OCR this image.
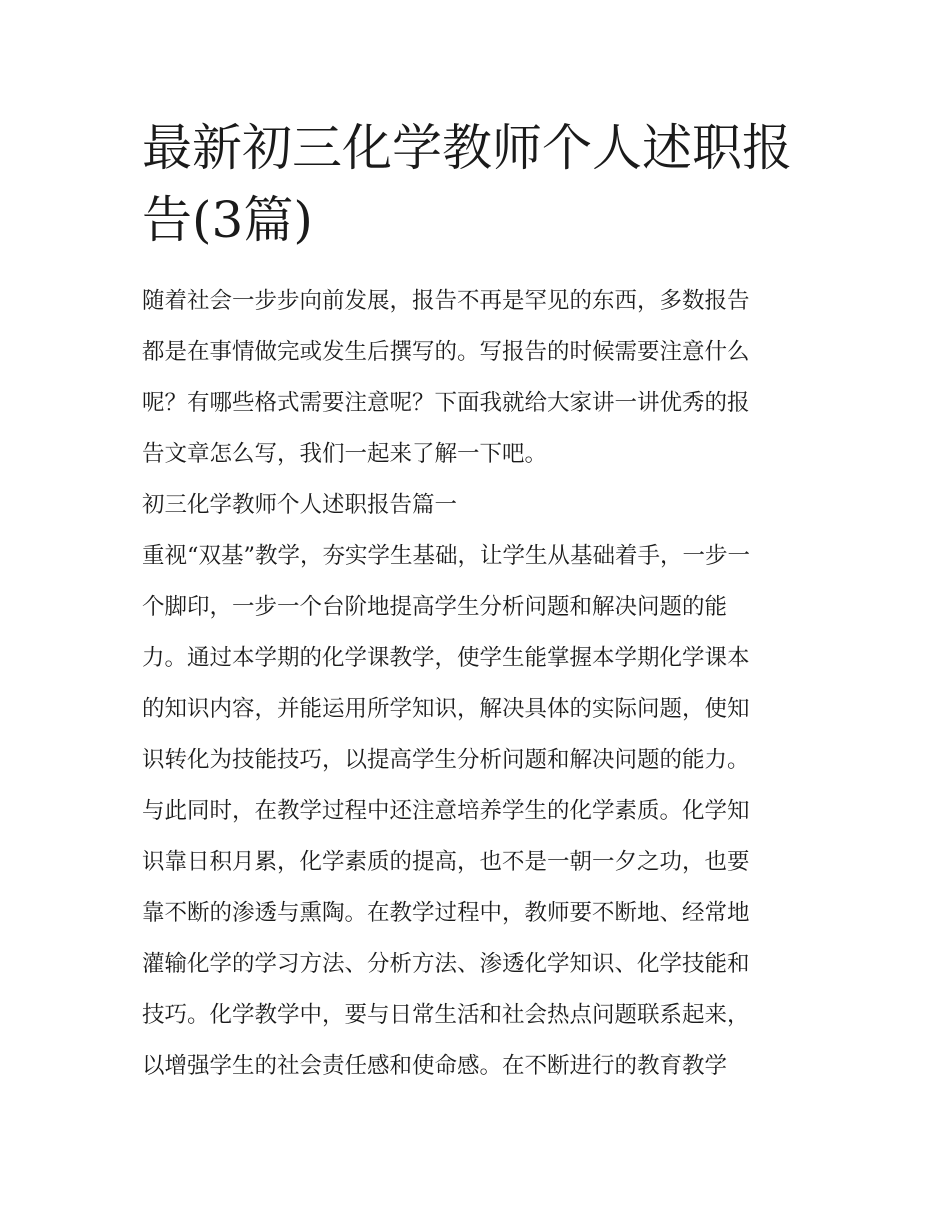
最新初三化学教师个人述职报
告(3篇)
随着社会一步步向前发展，报告不再是罕见的东西，多数报告
都是在事情做完或发生后撰写的。写报告的时候需要注意什么
呢？有哪些格式需要注意呢？下面我就给大家讲一讲优秀的报
告文章怎么写，我们一起来了解一下吧。
初三化学教师个人述职报告篇一
重视“双基”教学，夯实学生基础，让学生从基础着手，一步一
个脚印，一步一个台阶地提高学生分析问题和解决问题的能
力。通过本学期的化学课教学，使学生能掌握本学期化学课本
的知识内容，并能运用所学知识，解决具体的实际问题，使知
识转化为技能技巧，以提高学生分析问题和解决问题的能力。
与此同时，在教学过程中还注意培养学生的化学素质。化学知
识靠日积月累，化学素质的提高，也不是一朝一夕之功，也要
靠不断的渗透与熏陶。在教学过程中，教师要不断地、经常地
灌输化学的学习方法、分析方法、渗透化学知识、化学技能和
技巧。化学教学中，要与日常生活和社会热点问题联系起来，
以增强学生的社会责任感和使命感。在不断进行的教育教学
